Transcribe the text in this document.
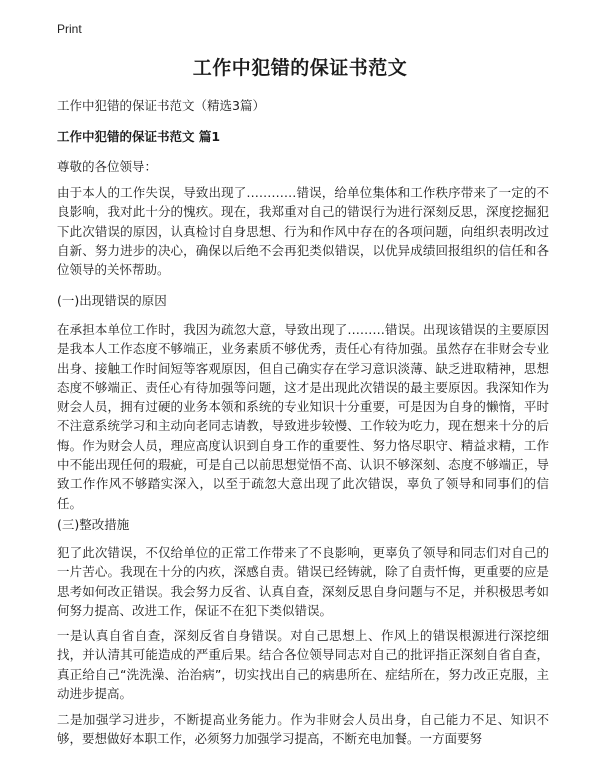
Print
工作中犯错的保证书范文
工作中犯错的保证书范文（精选3篇）
工作中犯错的保证书范文 篇1
尊敬的各位领导：

由于本人的工作失误，导致出现了…………错误，给单位集体和工作秩序带来了一定的不良影响，我对此十分的愧疚。现在，我郑重对自己的错误行为进行深刻反思，深度挖掘犯下此次错误的原因，认真检讨自身思想、行为和作风中存在的各项问题，向组织表明改过自新、努力进步的决心，确保以后绝不会再犯类似错误，以优异成绩回报组织的信任和各位领导的关怀帮助。

(一)出现错误的原因

在承担本单位工作时，我因为疏忽大意，导致出现了………错误。出现该错误的主要原因是我本人工作态度不够端正，业务素质不够优秀，责任心有待加强。虽然存在非财会专业出身、接触工作时间短等客观原因，但自己确实存在学习意识淡薄、缺乏进取精神，思想态度不够端正、责任心有待加强等问题，这才是出现此次错误的最主要原因。我深知作为财会人员，拥有过硬的业务本领和系统的专业知识十分重要，可是因为自身的懒惰，平时不注意系统学习和主动向老同志请教，导致进步较慢、工作较为吃力，现在想来十分的后悔。作为财会人员，理应高度认识到自身工作的重要性、努力恪尽职守、精益求精，工作中不能出现任何的瑕疵，可是自己以前思想觉悟不高、认识不够深刻、态度不够端正，导致工作作风不够踏实深入，以至于疏忽大意出现了此次错误，辜负了领导和同事们的信任。

(三)整改措施

犯了此次错误，不仅给单位的正常工作带来了不良影响，更辜负了领导和同志们对自己的一片苦心。我现在十分的内疚，深感自责。错误已经铸就，除了自责忏悔，更重要的应是思考如何改正错误。我会努力反省、认真自查，深刻反思自身问题与不足，并积极思考如何努力提高、改进工作，保证不在犯下类似错误。

一是认真自省自查，深刻反省自身错误。对自己思想上、作风上的错误根源进行深挖细找，并认清其可能造成的严重后果。结合各位领导同志对自己的批评指正深刻自省自查，真正给自己“洗洗澡、治治病”，切实找出自己的病患所在、症结所在，努力改正克服，主动进步提高。

二是加强学习进步，不断提高业务能力。作为非财会人员出身，自己能力不足、知识不够，要想做好本职工作，必须努力加强学习提高，不断充电加餐。一方面要努
